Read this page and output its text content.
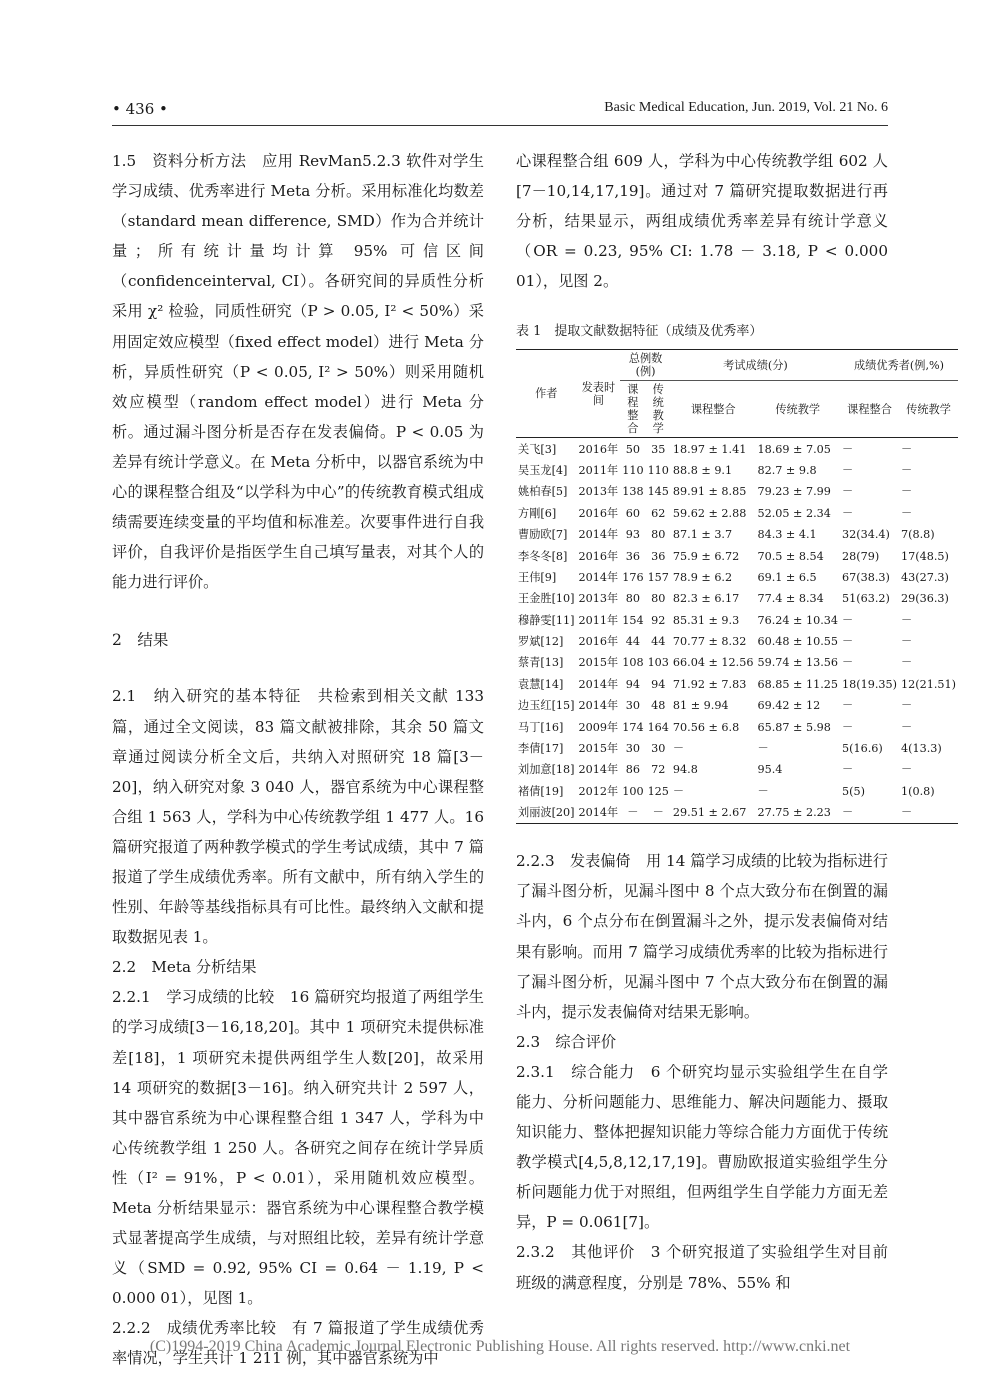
• 436 •	Basic Medical Education, Jun. 2019, Vol. 21 No. 6

1.5　资料分析方法　应用 RevMan5.2.3 软件对学生学习成绩、优秀率进行 Meta 分析。采用标准化均数差（standard mean difference, SMD）作为合并统计量；所有统计量均计算 95% 可信区间（confidenceinterval, CI）。各研究间的异质性分析采用 χ² 检验，同质性研究（P > 0.05, I² < 50%）采用固定效应模型（fixed effect model）进行 Meta 分析，异质性研究（P < 0.05, I² > 50%）则采用随机效应模型（random effect model）进行 Meta 分析。通过漏斗图分析是否存在发表偏倚。P < 0.05 为差异有统计学意义。在 Meta 分析中，以器官系统为中心的课程整合组及“以学科为中心”的传统教育模式组成绩需要连续变量的平均值和标准差。次要事件进行自我评价，自我评价是指医学生自己填写量表，对其个人的能力进行评价。

2　结果

2.1　纳入研究的基本特征　共检索到相关文献 133 篇，通过全文阅读，83 篇文献被排除，其余 50 篇文章通过阅读分析全文后，共纳入对照研究 18 篇[3－20]，纳入研究对象 3 040 人，器官系统为中心课程整合组 1 563 人，学科为中心传统教学组 1 477 人。16 篇研究报道了两种教学模式的学生考试成绩，其中 7 篇报道了学生成绩优秀率。所有文献中，所有纳入学生的性别、年龄等基线指标具有可比性。最终纳入文献和提取数据见表 1。

2.2　Meta 分析结果

2.2.1　学习成绩的比较　16 篇研究均报道了两组学生的学习成绩[3－16,18,20]。其中 1 项研究未提供标准差[18]，1 项研究未提供两组学生人数[20]，故采用 14 项研究的数据[3－16]。纳入研究共计 2 597 人，其中器官系统为中心课程整合组 1 347 人，学科为中心传统教学组 1 250 人。各研究之间存在统计学异质性（I² = 91%，P < 0.01），采用随机效应模型。Meta 分析结果显示：器官系统为中心课程整合教学模式显著提高学生成绩，与对照组比较，差异有统计学意义（SMD = 0.92, 95% CI = 0.64 － 1.19, P < 0.000 01），见图 1。

2.2.2　成绩优秀率比较　有 7 篇报道了学生成绩优秀率情况，学生共计 1 211 例，其中器官系统为中

心课程整合组 609 人，学科为中心传统教学组 602 人[7－10,14,17,19]。通过对 7 篇研究提取数据进行再分析，结果显示，两组成绩优秀率差异有统计学意义（OR = 0.23, 95% CI: 1.78 － 3.18, P < 0.000 01），见图 2。

表 1　提取文献数据特征（成绩及优秀率）
作者	发表时间	总例数(例)		考试成绩(分)		成绩优秀者(例,%)	
		课程整合	传统教学	课程整合	传统教学	课程整合	传统教学
关飞[3]	2016年	50	35	18.97 ± 1.41	18.69 ± 7.05	－	－
吴玉龙[4]	2011年	110	110	88.8 ± 9.1	82.7 ± 9.8	－	－
姚柏春[5]	2013年	138	145	89.91 ± 8.85	79.23 ± 7.99	－	－
方剛[6]	2016年	60	62	59.62 ± 2.88	52.05 ± 2.34	－	－
曹励欧[7]	2014年	93	80	87.1 ± 3.7	84.3 ± 4.1	32(34.4)	7(8.8)
李冬冬[8]	2016年	36	36	75.9 ± 6.72	70.5 ± 8.54	28(79)	17(48.5)
王伟[9]	2014年	176	157	78.9 ± 6.2	69.1 ± 6.5	67(38.3)	43(27.3)
王金胜[10]	2013年	80	80	82.3 ± 6.17	77.4 ± 8.34	51(63.2)	29(36.3)
穆静雯[11]	2011年	154	92	85.31 ± 9.3	76.24 ± 10.34	－	－
罗斌[12]	2016年	44	44	70.77 ± 8.32	60.48 ± 10.55	－	－
蔡青[13]	2015年	108	103	66.04 ± 12.56	59.74 ± 13.56	－	－
袁慧[14]	2014年	94	94	71.92 ± 7.83	68.85 ± 11.25	18(19.35)	12(21.51)
边玉红[15]	2014年	30	48	81 ± 9.94	69.42 ± 12	－	－
马丁[16]	2009年	174	164	70.56 ± 6.8	65.87 ± 5.98	－	－
李倩[17]	2015年	30	30	－	－	5(16.6)	4(13.3)
刘加意[18]	2014年	86	72	94.8	95.4	－	－
褚倩[19]	2012年	100	125	－	－	5(5)	1(0.8)
刘丽波[20]	2014年	－	－	29.51 ± 2.67	27.75 ± 2.23	－	－

2.2.3　发表偏倚　用 14 篇学习成绩的比较为指标进行了漏斗图分析，见漏斗图中 8 个点大致分布在倒置的漏斗内，6 个点分布在倒置漏斗之外，提示发表偏倚对结果有影响。而用 7 篇学习成绩优秀率的比较为指标进行了漏斗图分析，见漏斗图中 7 个点大致分布在倒置的漏斗内，提示发表偏倚对结果无影响。

2.3　综合评价

2.3.1　综合能力　6 个研究均显示实验组学生在自学能力、分析问题能力、思维能力、解决问题能力、摄取知识能力、整体把握知识能力等综合能力方面优于传统教学模式[4,5,8,12,17,19]。曹励欧报道实验组学生分析问题能力优于对照组，但两组学生自学能力方面无差异，P = 0.061[7]。

2.3.2　其他评价　3 个研究报道了实验组学生对目前班级的满意程度，分别是 78%、55% 和

(C)1994-2019 China Academic Journal Electronic Publishing House. All rights reserved. http://www.cnki.net
